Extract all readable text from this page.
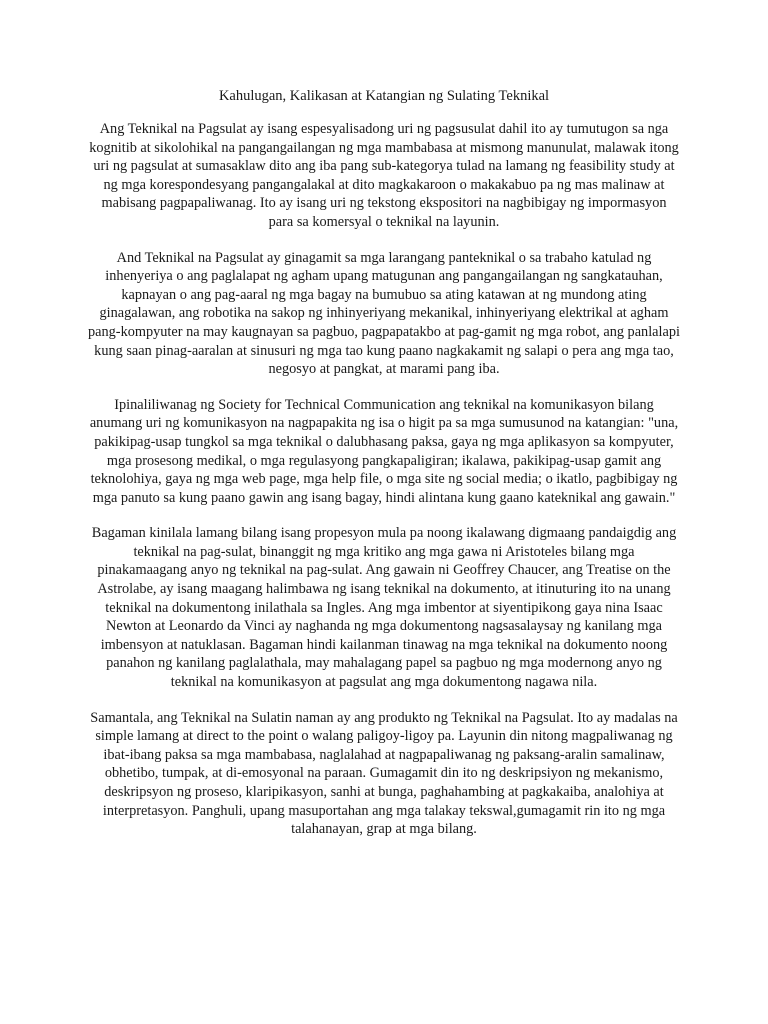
Kahulugan, Kalikasan at Katangian ng Sulating Teknikal

Ang Teknikal na Pagsulat ay isang espesyalisadong uri ng pagsusulat dahil ito ay tumutugon sa nga kognitib at sikolohikal na pangangailangan ng mga mambabasa at mismong manunulat, malawak itong uri ng pagsulat at sumasaklaw dito ang iba pang sub-kategorya tulad na lamang ng feasibility study at ng mga korespondesyang pangangalakal at dito magkakaroon o makakabuo pa ng mas malinaw at mabisang pagpapaliwanag. Ito ay isang uri ng tekstong ekspositori na nagbibigay ng impormasyon para sa komersyal o teknikal na layunin.

And Teknikal na Pagsulat ay ginagamit sa mga larangang panteknikal o sa trabaho katulad ng inhenyeriya o ang paglalapat ng agham upang matugunan ang pangangailangan ng sangkatauhan, kapnayan o ang pag-aaral ng mga bagay na bumubuo sa ating katawan at ng mundong ating ginagalawan, ang robotika na sakop ng inhinyeriyang mekanikal, inhinyeriyang elektrikal at agham pang-kompyuter na may kaugnayan sa pagbuo, pagpapatakbo at pag-gamit ng mga robot, ang panlalapi kung saan pinag-aaralan at sinusuri ng mga tao kung paano nagkakamit ng salapi o pera ang mga tao, negosyo at pangkat, at marami pang iba.

Ipinaliliwanag ng Society for Technical Communication ang teknikal na komunikasyon bilang anumang uri ng komunikasyon na nagpapakita ng isa o higit pa sa mga sumusunod na katangian: "una, pakikipag-usap tungkol sa mga teknikal o dalubhasang paksa, gaya ng mga aplikasyon sa kompyuter, mga prosesong medikal, o mga regulasyong pangkapaligiran; ikalawa, pakikipag-usap gamit ang teknolohiya, gaya ng mga web page, mga help file, o mga site ng social media; o ikatlo, pagbibigay ng mga panuto sa kung paano gawin ang isang bagay, hindi alintana kung gaano kateknikal ang gawain."

Bagaman kinilala lamang bilang isang propesyon mula pa noong ikalawang digmaang pandaigdig ang teknikal na pag-sulat, binanggit ng mga kritiko ang mga gawa ni Aristoteles bilang mga pinakamaagang anyo ng teknikal na pag-sulat. Ang gawain ni Geoffrey Chaucer, ang Treatise on the Astrolabe, ay isang maagang halimbawa ng isang teknikal na dokumento, at itinuturing ito na unang teknikal na dokumentong inilathala sa Ingles. Ang mga imbentor at siyentipikong gaya nina Isaac Newton at Leonardo da Vinci ay naghanda ng mga dokumentong nagsasalaysay ng kanilang mga imbensyon at natuklasan. Bagaman hindi kailanman tinawag na mga teknikal na dokumento noong panahon ng kanilang paglalathala, may mahalagang papel sa pagbuo ng mga modernong anyo ng teknikal na komunikasyon at pagsulat ang mga dokumentong nagawa nila.

Samantala, ang Teknikal na Sulatin naman ay ang produkto ng Teknikal na Pagsulat. Ito ay madalas na simple lamang at direct to the point o walang paligoy-ligoy pa. Layunin din nitong magpaliwanag ng ibat-ibang paksa sa mga mambabasa, naglalahad at nagpapaliwanag ng paksang-aralin samalinaw, obhetibo, tumpak, at di-emosyonal na paraan. Gumagamit din ito ng deskripsiyon ng mekanismo, deskripsyon ng proseso, klaripikasyon, sanhi at bunga, paghahambing at pagkakaiba, analohiya at interpretasyon. Panghuli, upang masuportahan ang mga talakay tekswal,gumagamit rin ito ng mga talahanayan, grap at mga bilang.
